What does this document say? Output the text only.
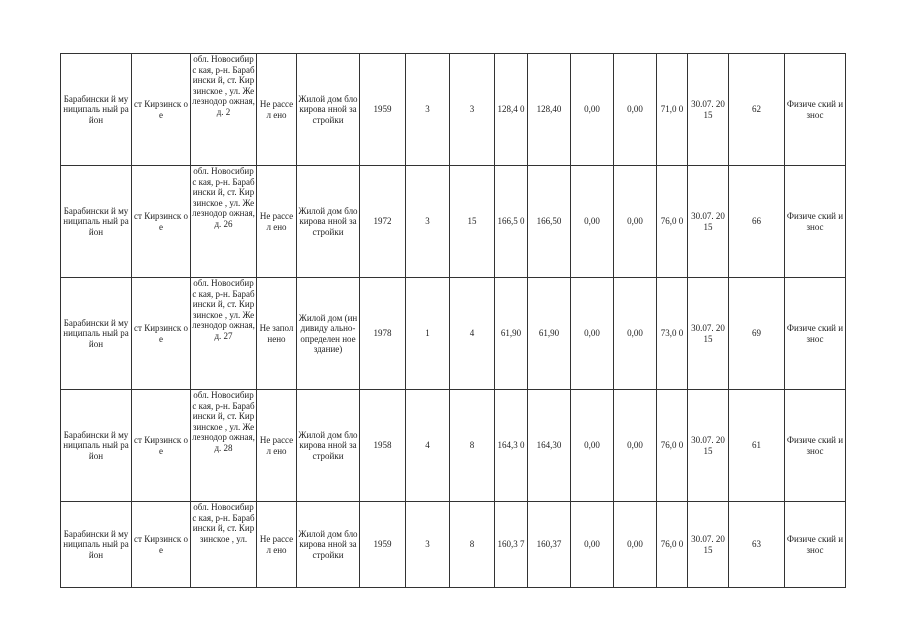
Барабински й муниципаль ный район	ст Кирзинск ое	обл. Новосибирс кая, р-н. Барабински й, ст. Кирзинское , ул. Железнодор ожная, д. 2	Не рассел ено	Жилой дом блокирова нной застройки	1959	3	3	128,4 0	128,40	0,00	0,00	71,0 0	30.07. 2015	62	Физиче ский износ
Барабински й муниципаль ный район	ст Кирзинск ое	обл. Новосибирс кая, р-н. Барабински й, ст. Кирзинское , ул. Железнодор ожная, д. 26	Не рассел ено	Жилой дом блокирова нной застройки	1972	3	15	166,5 0	166,50	0,00	0,00	76,0 0	30.07. 2015	66	Физиче ский износ
Барабински й муниципаль ный район	ст Кирзинск ое	обл. Новосибирс кая, р-н. Барабински й, ст. Кирзинское , ул. Железнодор ожная, д. 27	Не запол нено	Жилой дом (индивиду ально- определен ное здание)	1978	1	4	61,90	61,90	0,00	0,00	73,0 0	30.07. 2015	69	Физиче ский износ
Барабински й муниципаль ный район	ст Кирзинск ое	обл. Новосибирс кая, р-н. Барабински й, ст. Кирзинское , ул. Железнодор ожная, д. 28	Не рассел ено	Жилой дом блокирова нной застройки	1958	4	8	164,3 0	164,30	0,00	0,00	76,0 0	30.07. 2015	61	Физиче ский износ
Барабински й муниципаль ный район	ст Кирзинск ое	обл. Новосибирс кая, р-н. Барабински й, ст. Кирзинское , ул.	Не рассел ено	Жилой дом блокирова нной застройки	1959	3	8	160,3 7	160,37	0,00	0,00	76,0 0	30.07. 2015	63	Физиче ский износ
